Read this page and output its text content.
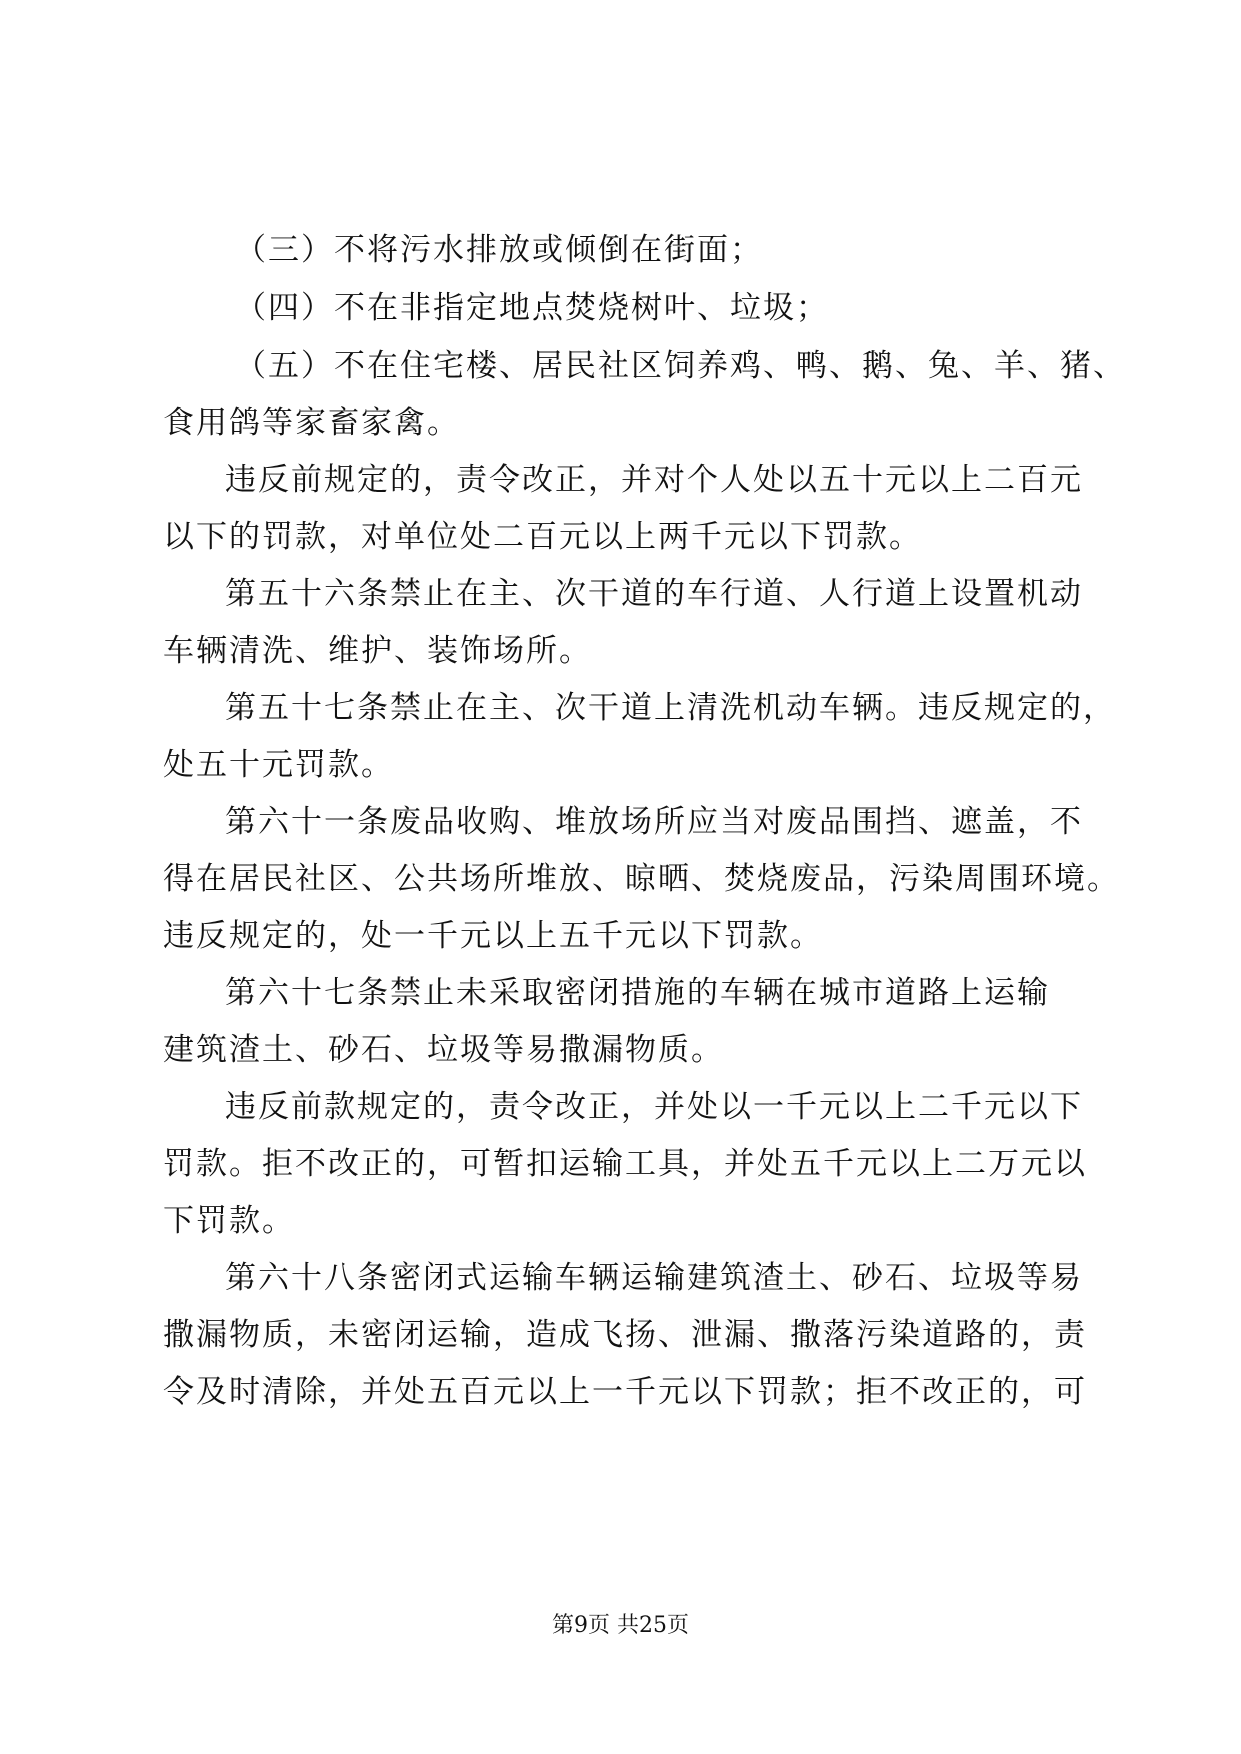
（三）不将污水排放或倾倒在街面；
（四）不在非指定地点焚烧树叶、垃圾；
（五）不在住宅楼、居民社区饲养鸡、鸭、鹅、兔、羊、猪、
食用鸽等家畜家禽。
违反前规定的，责令改正，并对个人处以五十元以上二百元
以下的罚款，对单位处二百元以上两千元以下罚款。
第五十六条禁止在主、次干道的车行道、人行道上设置机动
车辆清洗、维护、装饰场所。
第五十七条禁止在主、次干道上清洗机动车辆。违反规定的，
处五十元罚款。
第六十一条废品收购、堆放场所应当对废品围挡、遮盖，不
得在居民社区、公共场所堆放、晾晒、焚烧废品，污染周围环境。
违反规定的，处一千元以上五千元以下罚款。
第六十七条禁止未采取密闭措施的车辆在城市道路上运输
建筑渣土、砂石、垃圾等易撒漏物质。
违反前款规定的，责令改正，并处以一千元以上二千元以下
罚款。拒不改正的，可暂扣运输工具，并处五千元以上二万元以
下罚款。
第六十八条密闭式运输车辆运输建筑渣土、砂石、垃圾等易
撒漏物质，未密闭运输，造成飞扬、泄漏、撒落污染道路的，责
令及时清除，并处五百元以上一千元以下罚款；拒不改正的，可
第9页 共25页
